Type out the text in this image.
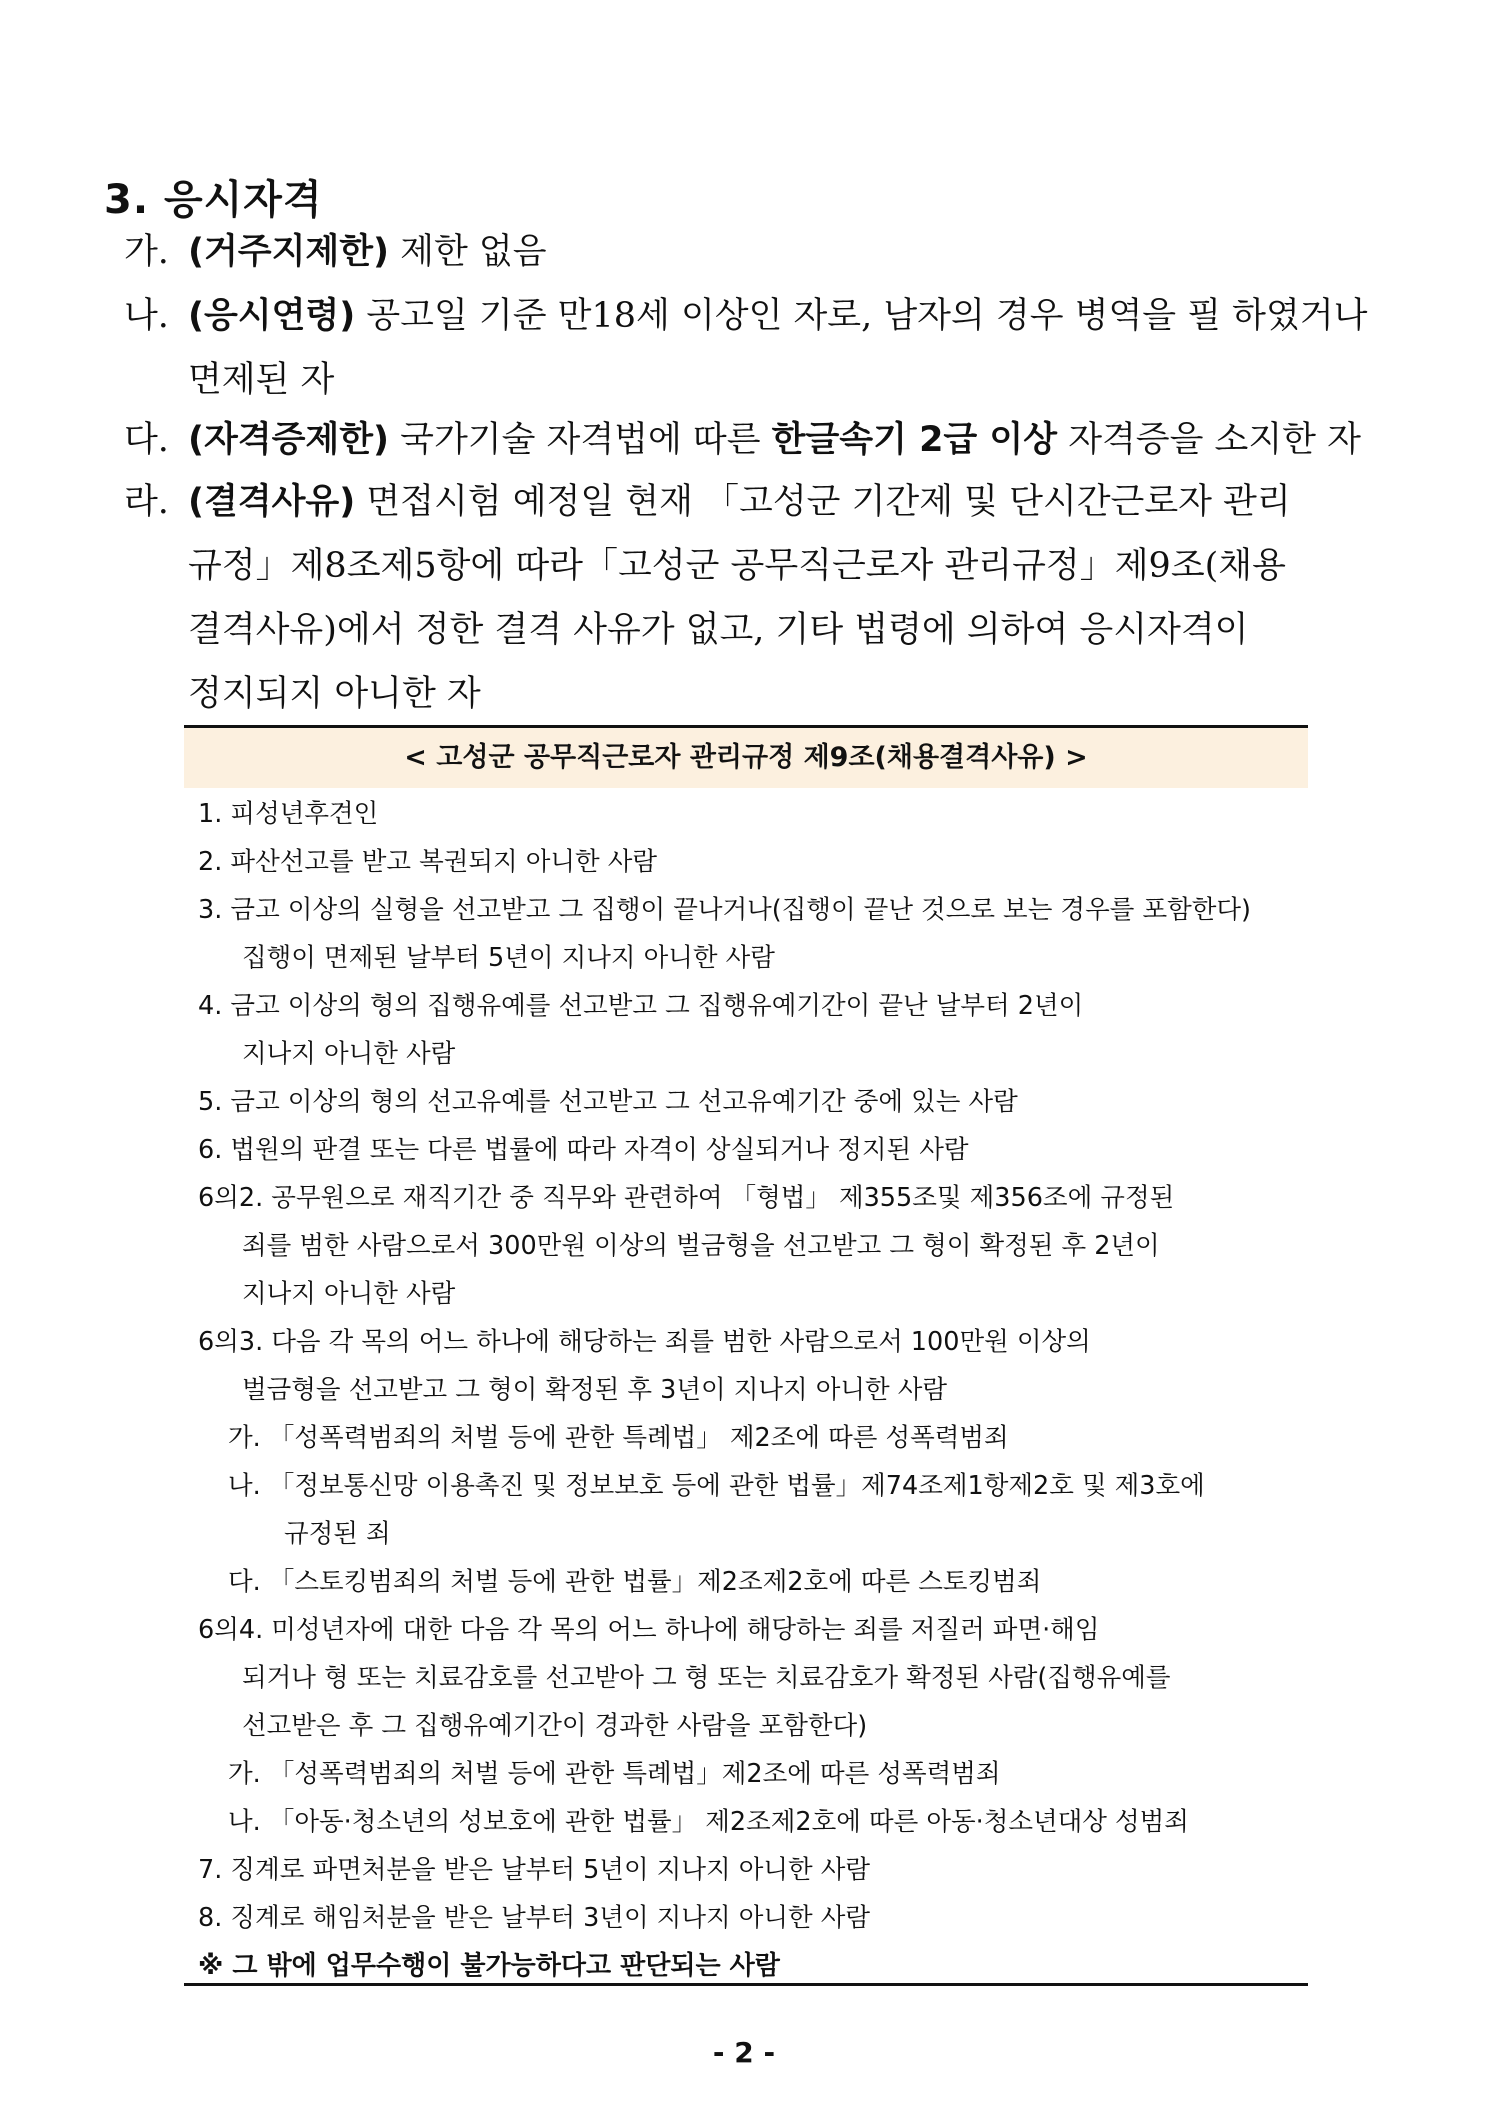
3. 응시자격
가. (거주지제한) 제한 없음
나. (응시연령) 공고일 기준 만18세 이상인 자로, 남자의 경우 병역을 필 하였거나
면제된 자
다. (자격증제한) 국가기술 자격법에 따른 한글속기 2급 이상 자격증을 소지한 자
라. (결격사유) 면접시험 예정일 현재 「고성군 기간제 및 단시간근로자 관리
규정」제8조제5항에 따라「고성군 공무직근로자 관리규정」제9조(채용
결격사유)에서 정한 결격 사유가 없고, 기타 법령에 의하여 응시자격이
정지되지 아니한 자
< 고성군 공무직근로자 관리규정 제9조(채용결격사유) >
1. 피성년후견인
2. 파산선고를 받고 복권되지 아니한 사람
3. 금고 이상의 실형을 선고받고 그 집행이 끝나거나(집행이 끝난 것으로 보는 경우를 포함한다)
집행이 면제된 날부터 5년이 지나지 아니한 사람
4. 금고 이상의 형의 집행유예를 선고받고 그 집행유예기간이 끝난 날부터 2년이
지나지 아니한 사람
5. 금고 이상의 형의 선고유예를 선고받고 그 선고유예기간 중에 있는 사람
6. 법원의 판결 또는 다른 법률에 따라 자격이 상실되거나 정지된 사람
6의2. 공무원으로 재직기간 중 직무와 관련하여 「형법」 제355조및 제356조에 규정된
죄를 범한 사람으로서 300만원 이상의 벌금형을 선고받고 그 형이 확정된 후 2년이
지나지 아니한 사람
6의3. 다음 각 목의 어느 하나에 해당하는 죄를 범한 사람으로서 100만원 이상의
벌금형을 선고받고 그 형이 확정된 후 3년이 지나지 아니한 사람
가. 「성폭력범죄의 처벌 등에 관한 특례법」 제2조에 따른 성폭력범죄
나. 「정보통신망 이용촉진 및 정보보호 등에 관한 법률」제74조제1항제2호 및 제3호에
규정된 죄
다. 「스토킹범죄의 처벌 등에 관한 법률」제2조제2호에 따른 스토킹범죄
6의4. 미성년자에 대한 다음 각 목의 어느 하나에 해당하는 죄를 저질러 파면·해임
되거나 형 또는 치료감호를 선고받아 그 형 또는 치료감호가 확정된 사람(집행유예를
선고받은 후 그 집행유예기간이 경과한 사람을 포함한다)
가. 「성폭력범죄의 처벌 등에 관한 특례법」제2조에 따른 성폭력범죄
나. 「아동·청소년의 성보호에 관한 법률」 제2조제2호에 따른 아동·청소년대상 성범죄
7. 징계로 파면처분을 받은 날부터 5년이 지나지 아니한 사람
8. 징계로 해임처분을 받은 날부터 3년이 지나지 아니한 사람
※ 그 밖에 업무수행이 불가능하다고 판단되는 사람
- 2 -
